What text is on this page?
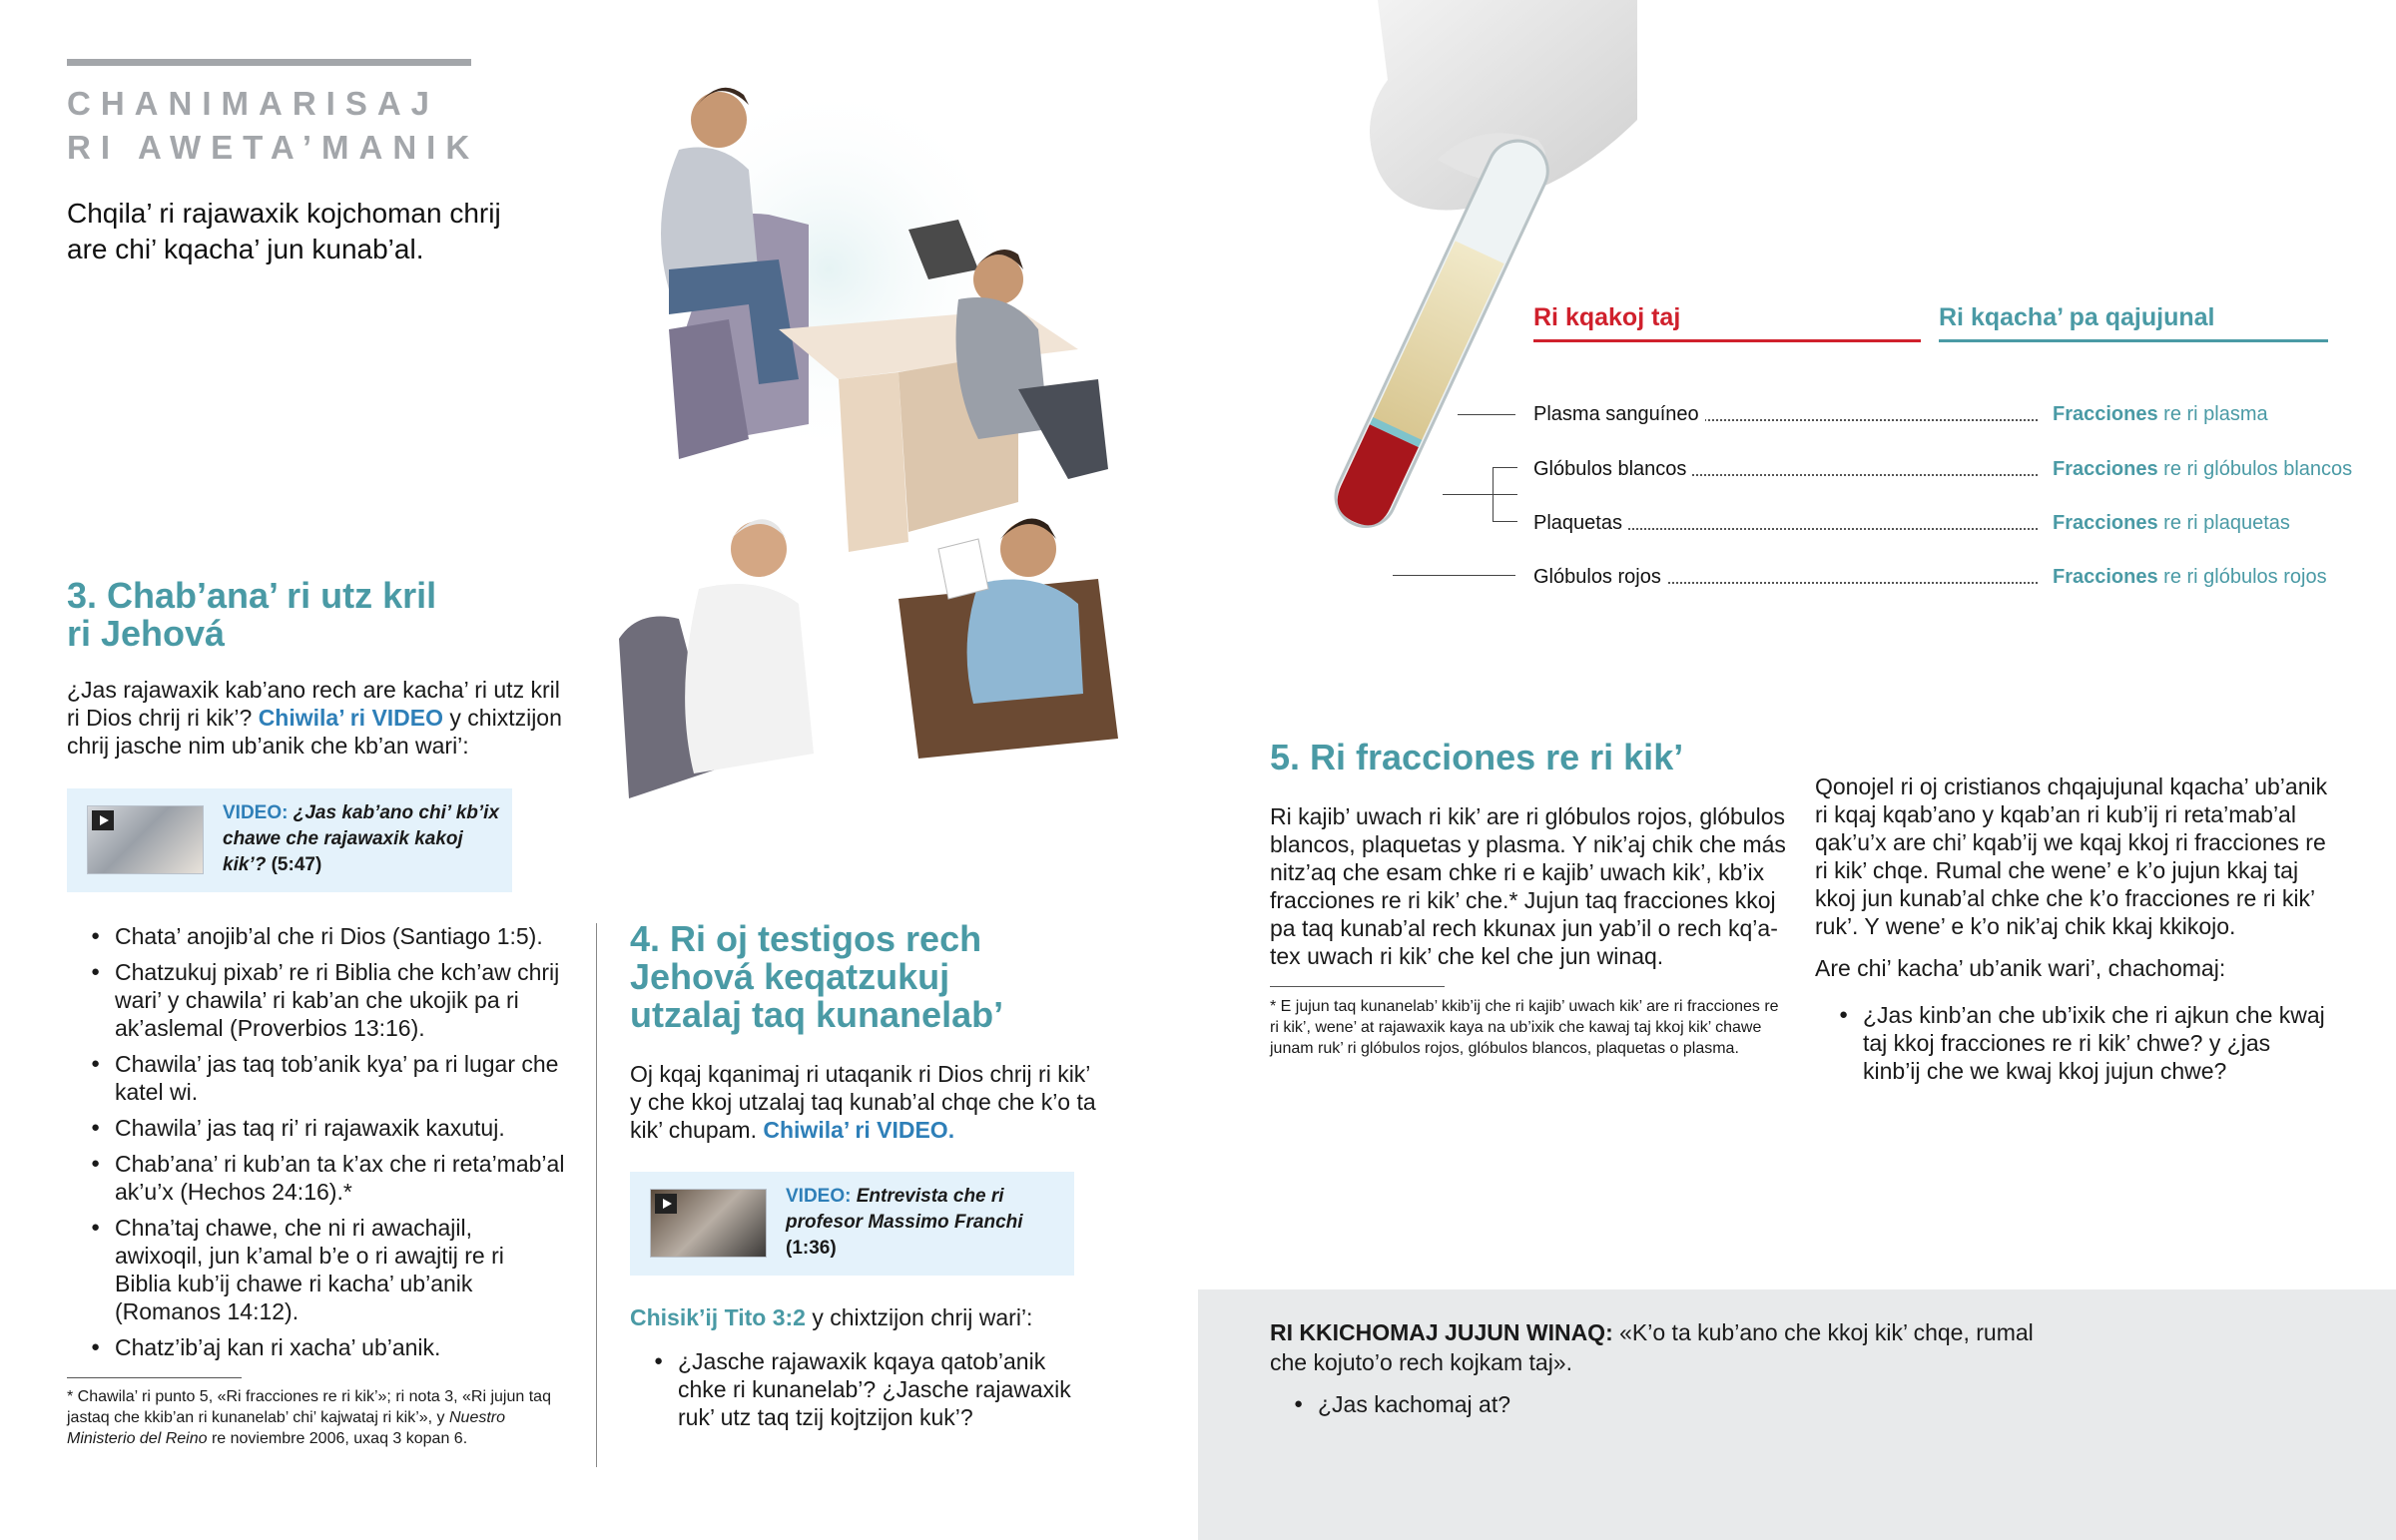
CHANIMARISAJ
RI AWETA’MANIK
Chqila’ ri rajawaxik kojchoman chrij are chi’ kqacha’ jun kunab’al.
3. Chab’ana’ ri utz kril ri Jehová
¿Jas rajawaxik kab’ano rech are kacha’ ri utz kril ri Dios chrij ri kik’? Chiwila’ ri VIDEO y chixtzijon chrij jasche nim ub’anik che kb’an wari’:
VIDEO: ¿Jas kab’ano chi’ kb’ix chawe che rajawaxik kakoj kik’? (5:47)
● Chata’ anojib’al che ri Dios (Santiago 1:5).
● Chatzukuj pixab’ re ri Biblia che kch’aw chrij wari’ y chawila’ ri kab’an che ukojik pa ri ak’aslemal (Proverbios 13:16).
● Chawila’ jas taq tob’anik kya’ pa ri lugar che katel wi.
● Chawila’ jas taq ri’ ri rajawaxik kaxutuj.
● Chab’ana’ ri kub’an ta k’ax che ri reta’mab’al ak’u’x (Hechos 24:16).*
● Chna’taj chawe, che ni ri awachajil, awixoqil, jun k’amal b’e o ri awajtij re ri Biblia kub’ij chawe ri kacha’ ub’anik (Romanos 14:12).
● Chatz’ib’aj kan ri xacha’ ub’anik.
* Chawila’ ri punto 5, «Ri fracciones re ri kik’»; ri nota 3, «Ri jujun taq jastaq che kkib’an ri kunanelab’ chi’ kajwataj ri kik’», y Nuestro Ministerio del Reino re noviembre 2006, uxaq 3 kopan 6.
4. Ri oj testigos rech Jehová keqatzukuj utzalaj taq kunanelab’
Oj kqaj kqanimaj ri utaqanik ri Dios chrij ri kik’ y che kkoj utzalaj taq kunab’al chqe che k’o ta kik’ chupam. Chiwila’ ri VIDEO.
VIDEO: Entrevista che ri profesor Massimo Franchi (1:36)
Chisik’ij Tito 3:2 y chixtzijon chrij wari’:
● ¿Jasche rajawaxik kqaya qatob’anik chke ri kunanelab’? ¿Jasche rajawaxik ruk’ utz taq tzij kojtzijon kuk’?
Ri kqakoj taj	Ri kqacha’ pa qajujunal
Plasma sanguíneo	Fracciones re ri plasma
Glóbulos blancos	Fracciones re ri glóbulos blancos
Plaquetas	Fracciones re ri plaquetas
Glóbulos rojos	Fracciones re ri glóbulos rojos
5. Ri fracciones re ri kik’
Ri kajib’ uwach ri kik’ are ri glóbulos rojos, glóbulos blancos, plaquetas y plasma. Y nik’aj chik che más nitz’aq che esam chke ri e kajib’ uwach kik’, kb’ix fracciones re ri kik’ che.* Jujun taq fracciones kkoj pa taq kunab’al rech kkunax jun yab’il o rech kq’a-tex uwach ri kik’ che kel che jun winaq.
* E jujun taq kunanelab’ kkib’ij che ri kajib’ uwach kik’ are ri fracciones re ri kik’, wene’ at rajawaxik kaya na ub’ixik che kawaj taj kkoj kik’ chawe junam ruk’ ri glóbulos rojos, glóbulos blancos, plaquetas o plasma.
Qonojel ri oj cristianos chqajujunal kqacha’ ub’anik ri kqaj kqab’ano y kqab’an ri kub’ij ri reta’mab’al qak’u’x are chi’ kqab’ij we kqaj kkoj ri fracciones re ri kik’ chqe. Rumal che wene’ e k’o jujun kkaj taj kkoj jun kunab’al chke che k’o fracciones re ri kik’ ruk’. Y wene’ e k’o nik’aj chik kkaj kkikojo.
Are chi’ kacha’ ub’anik wari’, chachomaj:
● ¿Jas kinb’an che ub’ixik che ri ajkun che kwaj taj kkoj fracciones re ri kik’ chwe? y ¿jas kinb’ij che we kwaj kkoj jujun chwe?
RI KKICHOMAJ JUJUN WINAQ: «K’o ta kub’ano che kkoj kik’ chqe, rumal che kojuto’o rech kojkam taj».
● ¿Jas kachomaj at?
